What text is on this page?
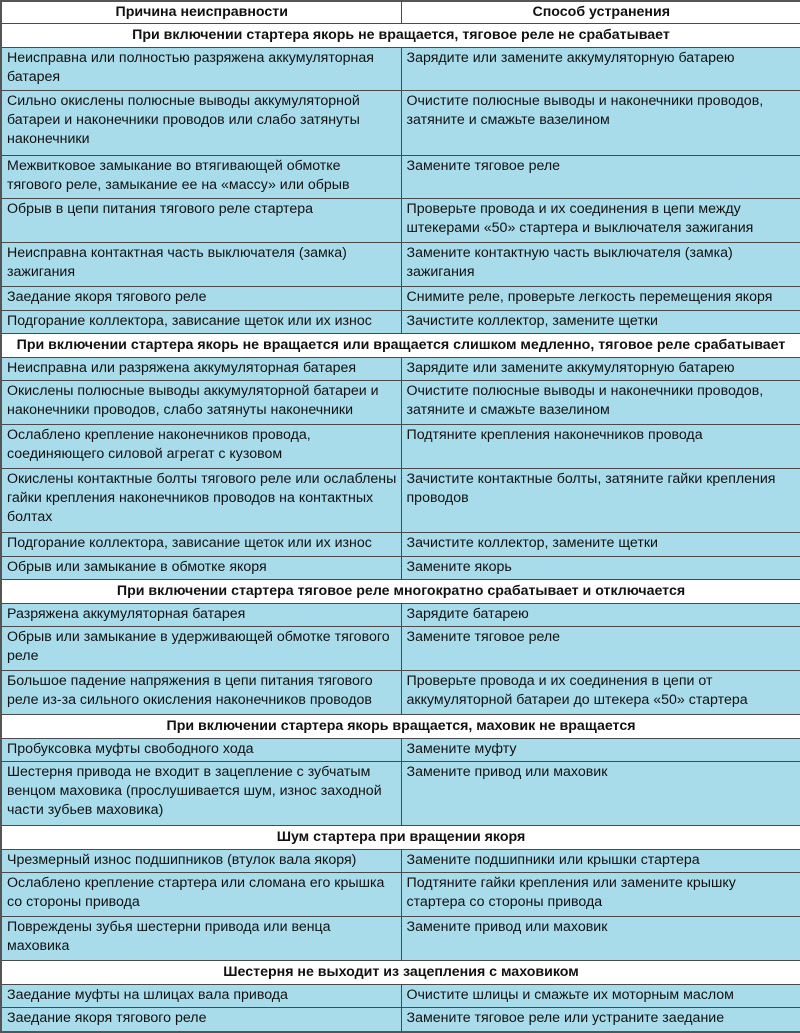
Причина неисправности	Способ устранения
При включении стартера якорь не вращается, тяговое реле не срабатывает	
Неисправна или полностью разряжена аккумуляторная батарея	Зарядите или замените аккумуляторную батарею
Сильно окислены полюсные выводы аккумуляторной батареи и наконечники проводов или слабо затянуты наконечники	Очистите полюсные выводы и наконечники проводов, затяните и смажьте вазелином
Межвитковое замыкание во втягивающей обмотке тягового реле, замыкание ее на «массу» или обрыв	Замените тяговое реле
Обрыв в цепи питания тягового реле стартера	Проверьте провода и их соединения в цепи между штекерами «50» стартера и выключателя зажигания
Неисправна контактная часть выключателя (замка) зажигания	Замените контактную часть выключателя (замка) зажигания
Заедание якоря тягового реле	Снимите реле, проверьте легкость перемещения якоря
Подгорание коллектора, зависание щеток или их износ	Зачистите коллектор, замените щетки
При включении стартера якорь не вращается или вращается слишком медленно, тяговое реле срабатывает	
Неисправна или разряжена аккумуляторная батарея	Зарядите или замените аккумуляторную батарею
Окислены полюсные выводы аккумуляторной батареи и наконечники проводов, слабо затянуты наконечники	Очистите полюсные выводы и наконечники проводов, затяните и смажьте вазелином
Ослаблено крепление наконечников провода, соединяющего силовой агрегат с кузовом	Подтяните крепления наконечников провода
Окислены контактные болты тягового реле или ослаблены гайки крепления наконечников проводов на контактных болтах	Зачистите контактные болты, затяните гайки крепления проводов
Подгорание коллектора, зависание щеток или их износ	Зачистите коллектор, замените щетки
Обрыв или замыкание в обмотке якоря	Замените якорь
При включении стартера тяговое реле многократно срабатывает и отключается	
Разряжена аккумуляторная батарея	Зарядите батарею
Обрыв или замыкание в удерживающей обмотке тягового реле	Замените тяговое реле
Большое падение напряжения в цепи питания тягового реле из-за сильного окисления наконечников проводов	Проверьте провода и их соединения в цепи от аккумуляторной батареи до штекера «50» стартера
При включении стартера якорь вращается, маховик не вращается	
Пробуксовка муфты свободного хода	Замените муфту
Шестерня привода не входит в зацепление с зубчатым венцом маховика (прослушивается шум, износ заходной части зубьев маховика)	Замените привод или маховик
Шум стартера при вращении якоря	
Чрезмерный износ подшипников (втулок вала якоря)	Замените подшипники или крышки стартера
Ослаблено крепление стартера или сломана его крышка со стороны привода	Подтяните гайки крепления или замените крышку стартера со стороны привода
Повреждены зубья шестерни привода или венца маховика	Замените привод или маховик
Шестерня не выходит из зацепления с маховиком	
Заедание муфты на шлицах вала привода	Очистите шлицы и смажьте их моторным маслом
Заедание якоря тягового реле	Замените тяговое реле или устраните заедание
